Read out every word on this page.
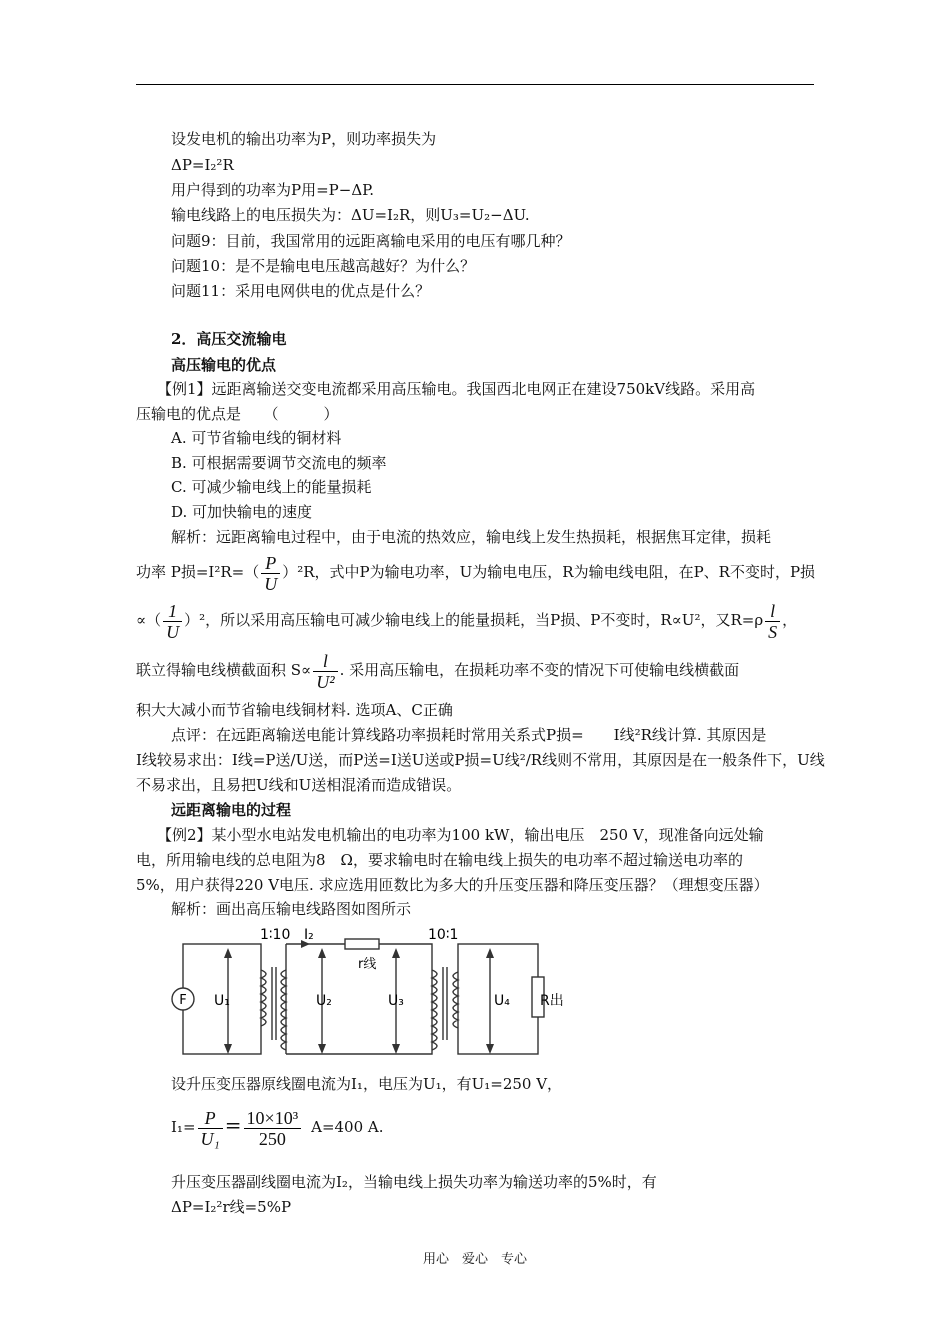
设发电机的输出功率为P，则功率损失为
ΔP=I₂²R
用户得到的功率为P用=P−ΔP.
输电线路上的电压损失为：ΔU=I₂R，则U₃=U₂−ΔU.
问题9：目前，我国常用的远距离输电采用的电压有哪几种？
问题10：是不是输电电压越高越好？为什么？
问题11：采用电网供电的优点是什么？
2．高压交流输电
高压输电的优点
【例1】远距离输送交变电流都采用高压输电。我国西北电网正在建设750kV线路。采用高
压输电的优点是　　（　　　）
A. 可节省输电线的铜材料
B. 可根据需要调节交流电的频率
C. 可减少输电线上的能量损耗
D. 可加快输电的速度
解析：远距离输电过程中，由于电流的热效应，输电线上发生热损耗，根据焦耳定律，损耗
功率 P损$=I^2R=( \frac{P}{U} )^2R$，式中P为输电功率，U为输电电压，R为输电线电阻，在P、R不变时，P损
∝（ $\frac{1}{U} )^2$，所以采用高压输电可减少输电线上的能量损耗，当P损、P不变时，R∝U²，又$R=\rho \frac{l}{S}$ ，
联立得输电线横截面积 $S\propto \frac{l}{\text{U²}}$ . 采用高压输电，在损耗功率不变的情况下可使输电线横截面
积大大减小而节省输电线铜材料. 选项A、C正确
点评：在远距离输送电能计算线路功率损耗时常用关系式P损=　　I线²R线计算. 其原因是
I线较易求出：I线=P送/U送，而P送=I送U送或P损=U线²/R线则不常用，其原因是在一般条件下，U线
不易求出，且易把U线和U送相混淆而造成错误。
远距离输电的过程
【例2】某小型水电站发电机输出的电功率为100 kW，输出电压　250 V，现准备向远处输
电，所用输电线的总电阻为8　Ω，要求输电时在输电线上损失的电功率不超过输送电功率的
5%，用户获得220 V电压. 求应选用匝数比为多大的升压变压器和降压变压器？（理想变压器）
解析：画出高压输电线路图如图所示
F
1∶10 I₂	10∶1
r线
U₁	U₂	U₃	U₄ R出
设升压变压器原线圈电流为I₁，电压为U₁，有U₁=250 V，
$I_1= \frac{P}{\text{U₁}} = \frac{\text{10×10³}}{250} A=400$ A.
升压变压器副线圈电流为I₂，当输电线上损失功率为输送功率的5%时，有
ΔP=I₂²r线=5%P
用心　爱心　专心
